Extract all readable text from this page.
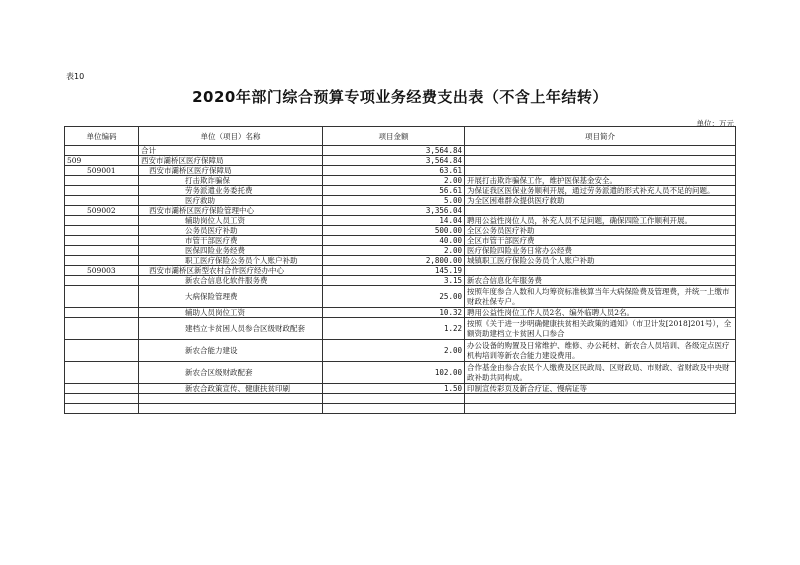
表10
2020年部门综合预算专项业务经费支出表（不含上年结转）
单位：万元
单位编码	单位（项目）名称	项目金额	项目简介
	合计	3,564.84	
509	西安市灞桥区医疗保障局	3,564.84	
509001	西安市灞桥区医疗保障局	63.61	
	打击欺诈骗保	2.00	开展打击欺诈骗保工作，维护医保基金安全。
	劳务派遣业务委托费	56.61	为保证我区医保业务顺利开展，通过劳务派遣的形式补充人员不足的问题。
	医疗救助	5.00	为全区困难群众提供医疗救助
509002	西安市灞桥区医疗保险管理中心	3,356.04	
	辅助岗位人员工资	14.04	聘用公益性岗位人员，补充人员不足问题，确保四险工作顺利开展。
	公务员医疗补助	500.00	全区公务员医疗补助
	市管干部医疗费	40.00	全区市管干部医疗费
	医保四险业务经费	2.00	医疗保险四险业务日常办公经费
	职工医疗保险公务员个人账户补助	2,800.00	城镇职工医疗保险公务员个人账户补助
509003	西安市灞桥区新型农村合作医疗经办中心	145.19	
	新农合信息化软件服务费	3.15	新农合信息化年服务费
	大病保险管理费	25.00	按照年度参合人数和人均筹资标准核算当年大病保险费及管理费，并统一上缴市财政社保专户。
	辅助人员岗位工资	10.32	聘用公益性岗位工作人员2名、编外临聘人员2名。
	建档立卡贫困人员参合区级财政配套	1.22	按照《关于进一步明确健康扶贫相关政策的通知》（市卫计发[2018]201号），全额资助建档立卡贫困人口参合
	新农合能力建设	2.00	办公设备的购置及日常维护、维修、办公耗材、新农合人员培训、各级定点医疗机构培训等新农合能力建设费用。
	新农合区级财政配套	102.00	合作基金由参合农民个人缴费及区民政局、区财政局、市财政、省财政及中央财政补助共同构成。
	新农合政策宣传、健康扶贫印刷	1.50	印制宣传彩页及新合疗证、慢病证等
